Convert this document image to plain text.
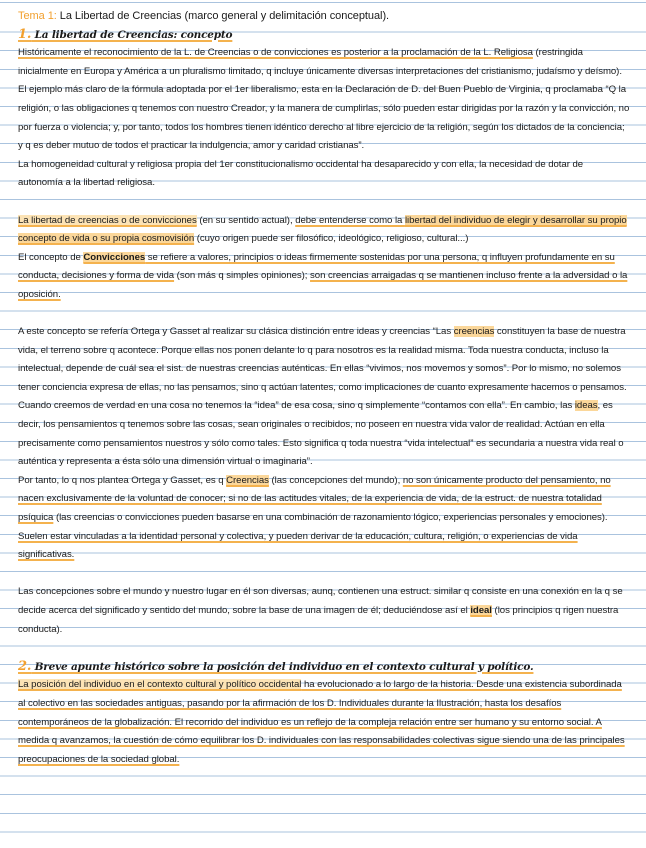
Tema 1: La Libertad de Creencias (marco general y delimitación conceptual).
1. La libertad de Creencias: concepto

Históricamente el reconocimiento de la L. de Creencias o de convicciones es posterior a la proclamación de la L. Religiosa (restringida inicialmente en Europa y América a un pluralismo limitado, q incluye únicamente diversas interpretaciones del cristianismo, judaísmo y deísmo). El ejemplo más claro de la fórmula adoptada por el 1er liberalismo, esta en la Declaración de D. del Buen Pueblo de Virginia, q proclamaba “Q la religión, o las obligaciones q tenemos con nuestro Creador, y la manera de cumplirlas, sólo pueden estar dirigidas por la razón y la convicción, no por fuerza o violencia; y, por tanto, todos los hombres tienen idéntico derecho al libre ejercicio de la religión, según los dictados de la conciencia; y q es deber mutuo de todos el practicar la indulgencia, amor y caridad cristianas”.

La homogeneidad cultural y religiosa propia del 1er constitucionalismo occidental ha desaparecido y con ella, la necesidad de dotar de autonomía a la libertad religiosa.

La libertad de creencias o de convicciones (en su sentido actual), debe entenderse como la libertad del individuo de elegir y desarrollar su propio concepto de vida o su propia cosmovisión (cuyo origen puede ser filosófico, ideológico, religioso, cultural...)

El concepto de Convicciones se refiere a valores, principios o ideas firmemente sostenidas por una persona, q influyen profundamente en su conducta, decisiones y forma de vida (son más q simples opiniones); son creencias arraigadas q se mantienen incluso frente a la adversidad o la oposición.

A este concepto se refería Ortega y Gasset al realizar su clásica distinción entre ideas y creencias “Las creencias constituyen la base de nuestra vida, el terreno sobre q acontece. Porque ellas nos ponen delante lo q para nosotros es la realidad misma. Toda nuestra conducta, incluso la intelectual, depende de cuál sea el sist. de nuestras creencias auténticas. En ellas “vivimos, nos movemos y somos”. Por lo mismo, no solemos tener conciencia expresa de ellas, no las pensamos, sino q actúan latentes, como implicaciones de cuanto expresamente hacemos o pensamos. Cuando creemos de verdad en una cosa no tenemos la “idea” de esa cosa, sino q simplemente “contamos con ella”. En cambio, las ideas, es decir, los pensamientos q tenemos sobre las cosas, sean originales o recibidos, no poseen en nuestra vida valor de realidad. Actúan en ella precisamente como pensamientos nuestros y sólo como tales. Esto significa q toda nuestra “vida intelectual” es secundaria a nuestra vida real o auténtica y representa a ésta sólo una dimensión virtual o imaginaria”.

Por tanto, lo q nos plantea Ortega y Gasset, es q Creencias (las concepciones del mundo), no son únicamente producto del pensamiento, no nacen exclusivamente de la voluntad de conocer; si no de las actitudes vitales, de la experiencia de vida, de la estruct. de nuestra totalidad psíquica (las creencias o convicciones pueden basarse en una combinación de razonamiento lógico, experiencias personales y emociones). Suelen estar vinculadas a la identidad personal y colectiva, y pueden derivar de la educación, cultura, religión, o experiencias de vida significativas.

Las concepciones sobre el mundo y nuestro lugar en él son diversas, aunq, contienen una estruct. similar q consiste en una conexión en la q se decide acerca del significado y sentido del mundo, sobre la base de una imagen de él; deduciéndose así el ideal (los principios q rigen nuestra conducta).

2. Breve apunte histórico sobre la posición del individuo en el contexto cultural y político.

La posición del individuo en el contexto cultural y político occidental ha evolucionado a lo largo de la historia. Desde una existencia subordinada al colectivo en las sociedades antiguas, pasando por la afirmación de los D. Individuales durante la Ilustración, hasta los desafíos contemporáneos de la globalización. El recorrido del individuo es un reflejo de la compleja relación entre ser humano y su entorno social. A medida q avanzamos, la cuestión de cómo equilibrar los D. individuales con las responsabilidades colectivas sigue siendo una de las principales preocupaciones de la sociedad global.
